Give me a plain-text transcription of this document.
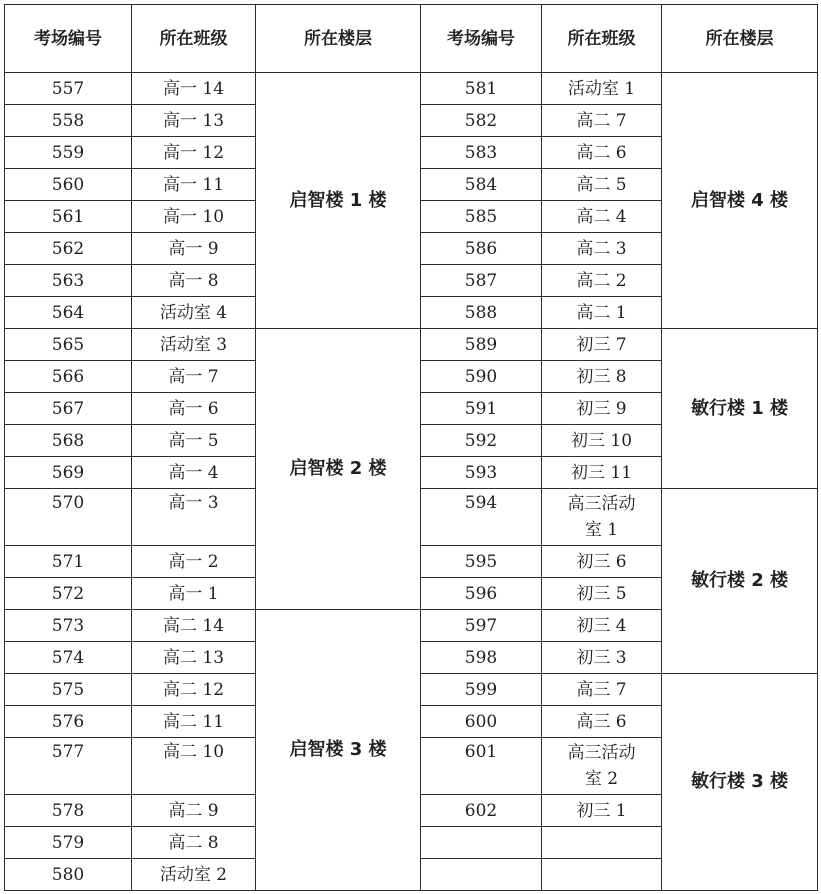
考场编号	所在班级	所在楼层	考场编号	所在班级	所在楼层
557	高一 14	启智楼 1 楼	581	活动室 1	启智楼 4 楼
558	高一 13		582	高二 7	
559	高一 12		583	高二 6	
560	高一 11		584	高二 5	
561	高一 10		585	高二 4	
562	高一 9		586	高二 3	
563	高一 8		587	高二 2	
564	活动室 4		588	高二 1	
565	活动室 3	启智楼 2 楼	589	初三 7	敏行楼 1 楼
566	高一 7		590	初三 8	
567	高一 6		591	初三 9	
568	高一 5		592	初三 10	
569	高一 4		593	初三 11	
570	高一 3		594	高三活动室 1	敏行楼 2 楼
571	高一 2		595	初三 6	
572	高一 1		596	初三 5	
573	高二 14	启智楼 3 楼	597	初三 4	
574	高二 13		598	初三 3	
575	高二 12		599	高三 7	敏行楼 3 楼
576	高二 11		600	高三 6	
577	高二 10		601	高三活动室 2	
578	高二 9		602	初三 1	
579	高二 8				
580	活动室 2				
